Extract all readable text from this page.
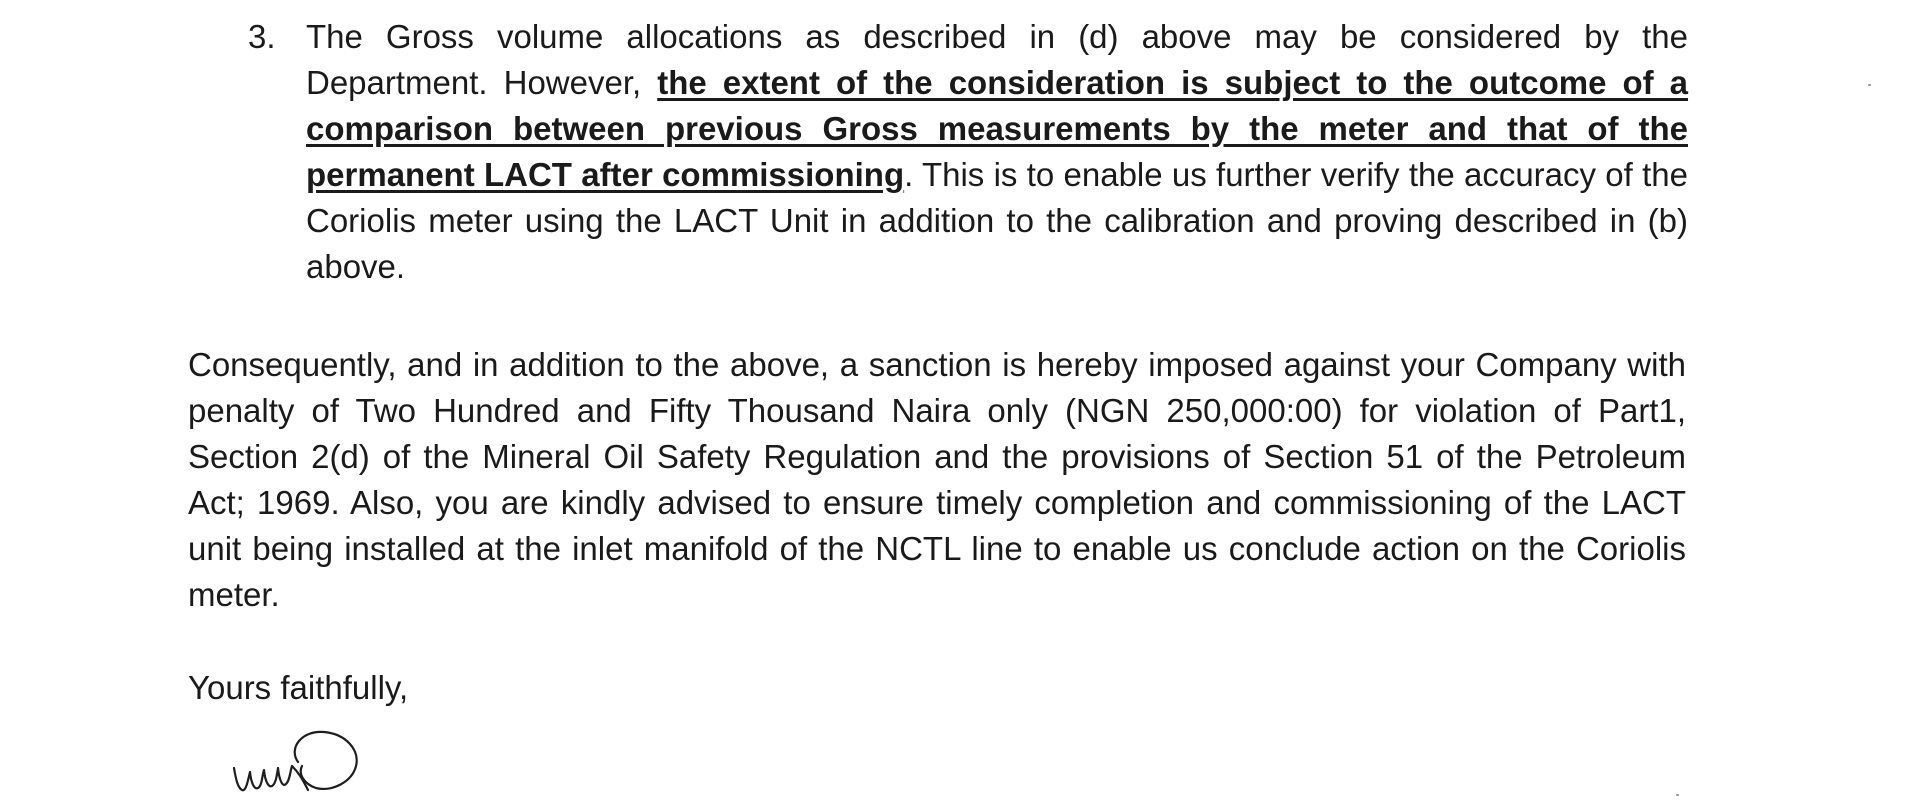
3. The Gross volume allocations as described in (d) above may be considered by the Department. However, the extent of the consideration is subject to the outcome of a comparison between previous Gross measurements by the meter and that of the permanent LACT after commissioning. This is to enable us further verify the accuracy of the Coriolis meter using the LACT Unit in addition to the calibration and proving described in (b) above.

Consequently, and in addition to the above, a sanction is hereby imposed against your Company with penalty of Two Hundred and Fifty Thousand Naira only (NGN 250,000:00) for violation of Part1, Section 2(d) of the Mineral Oil Safety Regulation and the provisions of Section 51 of the Petroleum Act; 1969. Also, you are kindly advised to ensure timely completion and commissioning of the LACT unit being installed at the inlet manifold of the NCTL line to enable us conclude action on the Coriolis meter.

Yours faithfully,
